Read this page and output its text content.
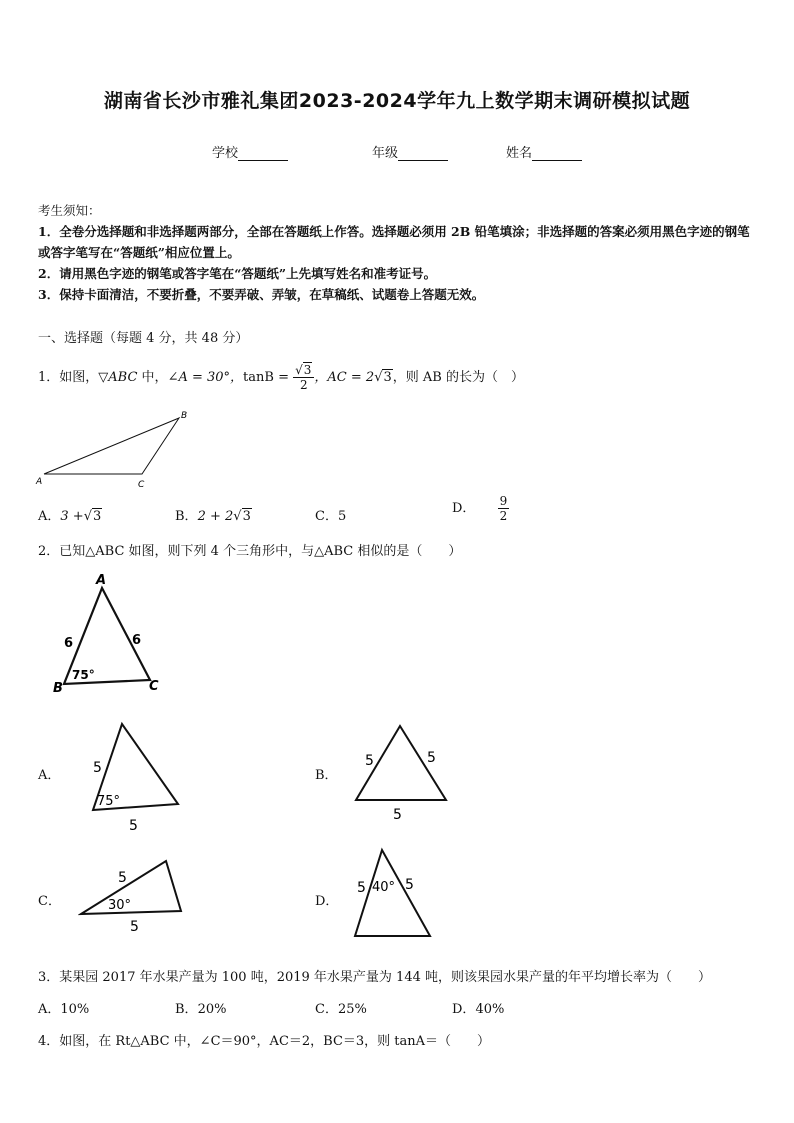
湖南省长沙市雅礼集团2023-2024学年九上数学期末调研模拟试题
学校	年级	姓名
考生须知：
1．全卷分选择题和非选择题两部分，全部在答题纸上作答。选择题必须用 2B 铅笔填涂；非选择题的答案必须用黑色字迹的钢笔或答字笔写在“答题纸”相应位置上。
2．请用黑色字迹的钢笔或答字笔在“答题纸”上先填写姓名和准考证号。
3．保持卡面清洁，不要折叠，不要弄破、弄皱，在草稿纸、试题卷上答题无效。
一、选择题（每题 4 分，共 48 分）
1．如图，▽ABC 中，∠A = 30°，$\tan B = \frac{√3}{2}$ ，AC = 2√3，则 AB 的长为（　）
A
B
C
A．3 +√3	B．2 + 2√3	C．5
D． $\frac{9}{2}$
2．已知△ABC 如图，则下列 4 个三角形中，与△ABC 相似的是（　　）
A
B	C
6	6
75°
A． 5
5
75°
B．
5	5
5
C．
5
5
30°	D．
5	5
40°
3．某果园 2017 年水果产量为 100 吨，2019 年水果产量为 144 吨，则该果园水果产量的年平均增长率为（　　）
A．10%	B．20%	C．25%	D．40%
4．如图，在 Rt△ABC 中，∠C＝90°，AC＝2，BC＝3，则 tanA＝（　　）
